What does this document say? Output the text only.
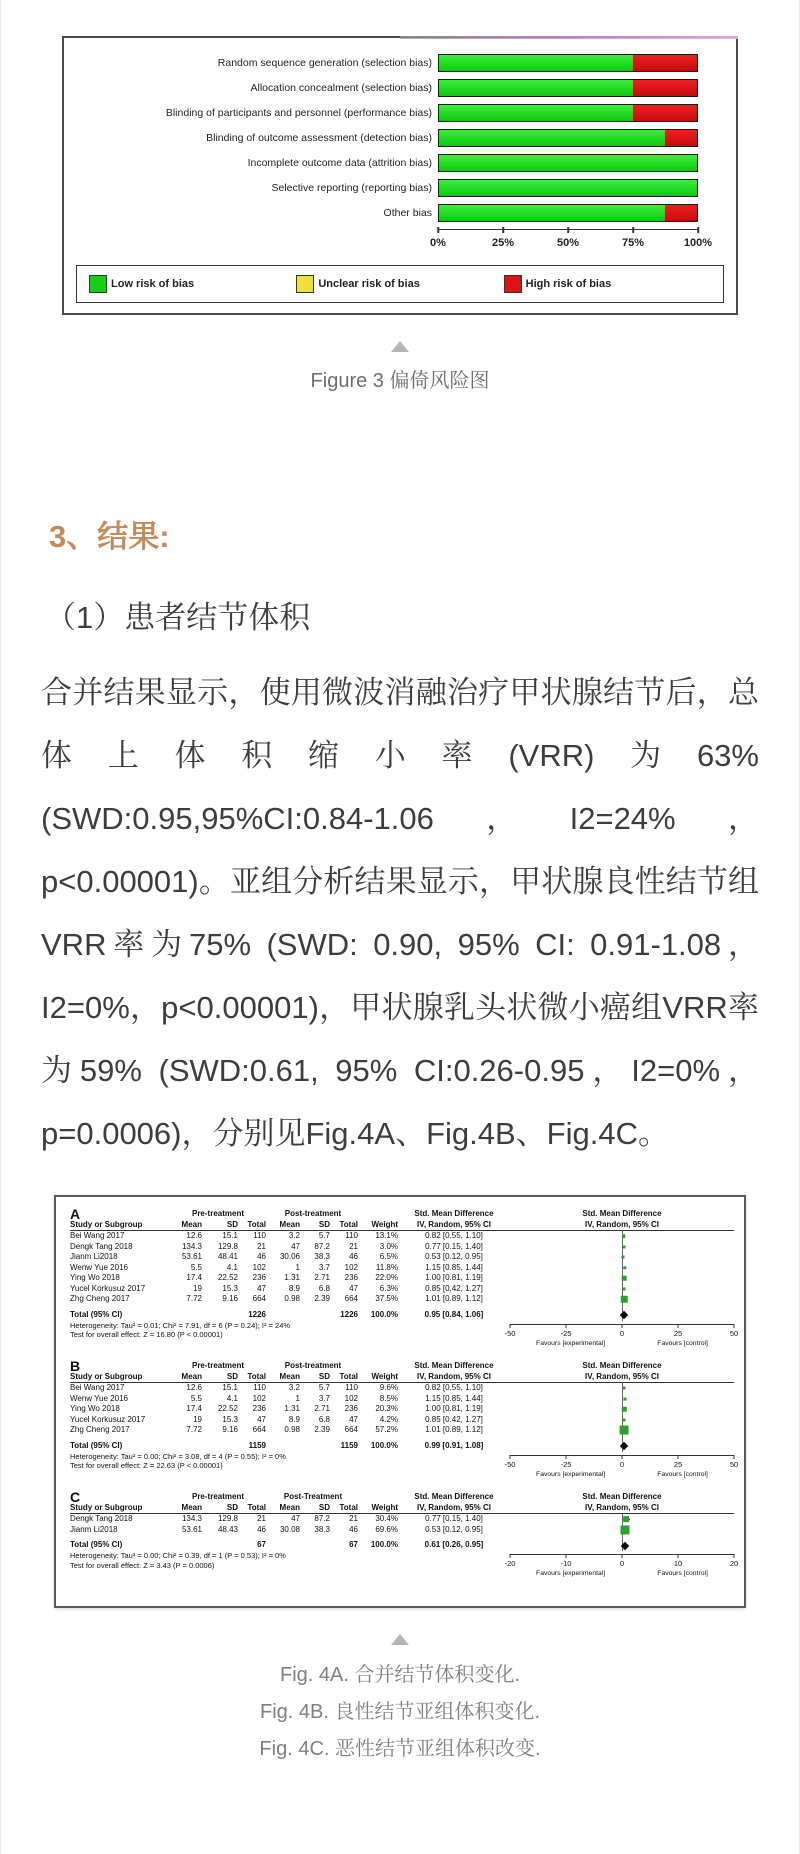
Random sequence generation (selection bias)
Allocation concealment (selection bias)
Blinding of participants and personnel (performance bias)
Blinding of outcome assessment (detection bias)
Incomplete outcome data (attrition bias)
Selective reporting (reporting bias)
Other bias
0%	25%	50%	75%	100%
Low risk of bias	Unclear risk of bias	High risk of bias
Figure 3 偏倚风险图
3、结果:
（1）患者结节体积

合并结果显示，使用微波消融治疗甲状腺结节后，总体上体积缩小率(VRR)为63%(SWD:0.95,95%CI:0.84-1.06，I2=24%，p<0.00001)。亚组分析结果显示，甲状腺良性结节组VRR率为75% (SWD: 0.90, 95% CI: 0.91-1.08，I2=0%，p<0.00001)，甲状腺乳头状微小癌组VRR率为59% (SWD:0.61, 95% CI:0.26-0.95，I2=0%，p=0.0006)，分别见Fig.4A、Fig.4B、Fig.4C。

A	Pre-treatment	Post-treatment	Std. Mean Difference	Std. Mean Difference
Study or Subgroup	Mean	SD	Total	Mean	SD	Total	Weight	IV, Random, 95% CI	IV, Random, 95% CI
Bei Wang 2017	12.6	15.1	110	3.2	5.7	110	13.1%	0.82 [0.55, 1.10]
Dengk Tang 2018	134.3	129.8	21	47	87.2	21	3.0%	0.77 [0.15, 1.40]
Jianm Li2018	53.61	48.41	46	30.06	38.3	46	6.5%	0.53 [0.12, 0.95]
Wenw Yue 2016	5.5	4.1	102	1	3.7	102	11.8%	1.15 [0.85, 1.44]
Ying Wo 2018	17.4	22.52	236	1.31	2.71	236	22.0%	1.00 [0.81, 1.19]
Yucel Korkusuz 2017	19	15.3	47	8.9	6.8	47	6.3%	0.85 [0.42, 1.27]
Zhg Cheng 2017	7.72	9.16	664	0.98	2.39	664	37.5%	1.01 [0.89, 1.12]
Total (95% CI)	1226	1226	100.0%	0.95 [0.84, 1.06]
Heterogeneity: Tau² = 0.01; Chi² = 7.91, df = 6 (P = 0.24); I² = 24%
Test for overall effect: Z = 16.80 (P < 0.00001)	-50	-25	0	25	50
Favours [experimental]	Favours [control]
B	Pre-treatment	Post-treatment	Std. Mean Difference	Std. Mean Difference
Study or Subgroup	Mean	SD	Total	Mean	SD	Total	Weight	IV, Random, 95% CI	IV, Random, 95% CI
Bei Wang 2017	12.6	15.1	110	3.2	5.7	110	9.6%	0.82 [0.55, 1.10]
Wenw Yue 2016	5.5	4.1	102	1	3.7	102	8.5%	1.15 [0.85, 1.44]
Ying Wo 2018	17.4	22.52	236	1.31	2.71	236	20.3%	1.00 [0.81, 1.19]
Yucel Korkusuz 2017	19	15.3	47	8.9	6.8	47	4.2%	0.85 [0.42, 1.27]
Zhg Cheng 2017	7.72	9.16	664	0.98	2.39	664	57.2%	1.01 [0.89, 1.12]
Total (95% CI)	1159	1159	100.0%	0.99 [0.91, 1.08]
Heterogeneity: Tau² = 0.00; Chi² = 3.08, df = 4 (P = 0.55); I² = 0%
Test for overall effect: Z = 22.63 (P < 0.00001)	-50	-25	0	25	50
Favours [experimental]	Favours [control]
C	Pre-treatment	Post-Treatment	Std. Mean Difference	Std. Mean Difference
Study or Subgroup	Mean	SD	Total	Mean	SD	Total	Weight	IV, Random, 95% CI	IV, Random, 95% CI
Dengk Tang 2018	134.3	129.8	21	47	87.2	21	30.4%	0.77 [0.15, 1.40]
Jianm Li2018	53.61	48.43	46	30.08	38.3	46	69.6%	0.53 [0.12, 0.95]
Total (95% CI)	67	67	100.0%	0.61 [0.26, 0.95]
Heterogeneity: Tau² = 0.00; Chi² = 0.39, df = 1 (P = 0.53); I² = 0%
Test for overall effect: Z = 3.43 (P = 0.0006)	-20	-10	0	10	20
Favours [experimental]	Favours [control]
Fig. 4A. 合并结节体积变化.
Fig. 4B. 良性结节亚组体积变化.
Fig. 4C. 恶性结节亚组体积改变.
